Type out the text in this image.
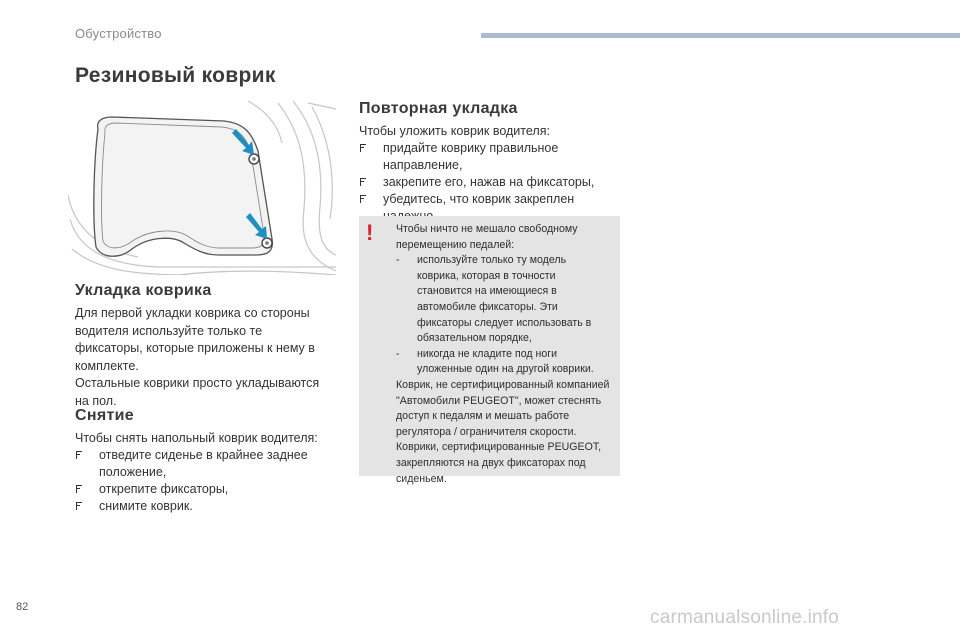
Обустройство
Резиновый коврик
Укладка коврика

Для первой укладки коврика со стороны

водителя используйте только те

фиксаторы, которые приложены к нему в

комплекте.

Остальные коврики просто укладываются

на пол.

Снятие
Чтобы снять напольный коврик водителя:
отведите сиденье в крайнее заднее
положение,
открепите фиксаторы,
снимите коврик.
Повторная укладка
Чтобы уложить коврик водителя:
придайте коврику правильное
направление,
закрепите его, нажав на фиксаторы,
убедитесь, что коврик закреплен
! Чтобы ничто не мешало свободному

перемещению педалей:

- используйте только ту модель

коврика, которая в точности

становится на имеющиеся в

автомобиле фиксаторы. Эти

фиксаторы следует использовать в

обязательном порядке,

- никогда не кладите под ноги

уложенные один на другой коврики.

Коврик, не сертифицированный компанией

"Автомобили PEUGEOT", может стеснять

доступ к педалям и мешать работе

регулятора / ограничителя скорости.

Коврики, сертифицированные PEUGEOT,

закрепляются на двух фиксаторах под

сиденьем.

82	carmanualsonline.info
